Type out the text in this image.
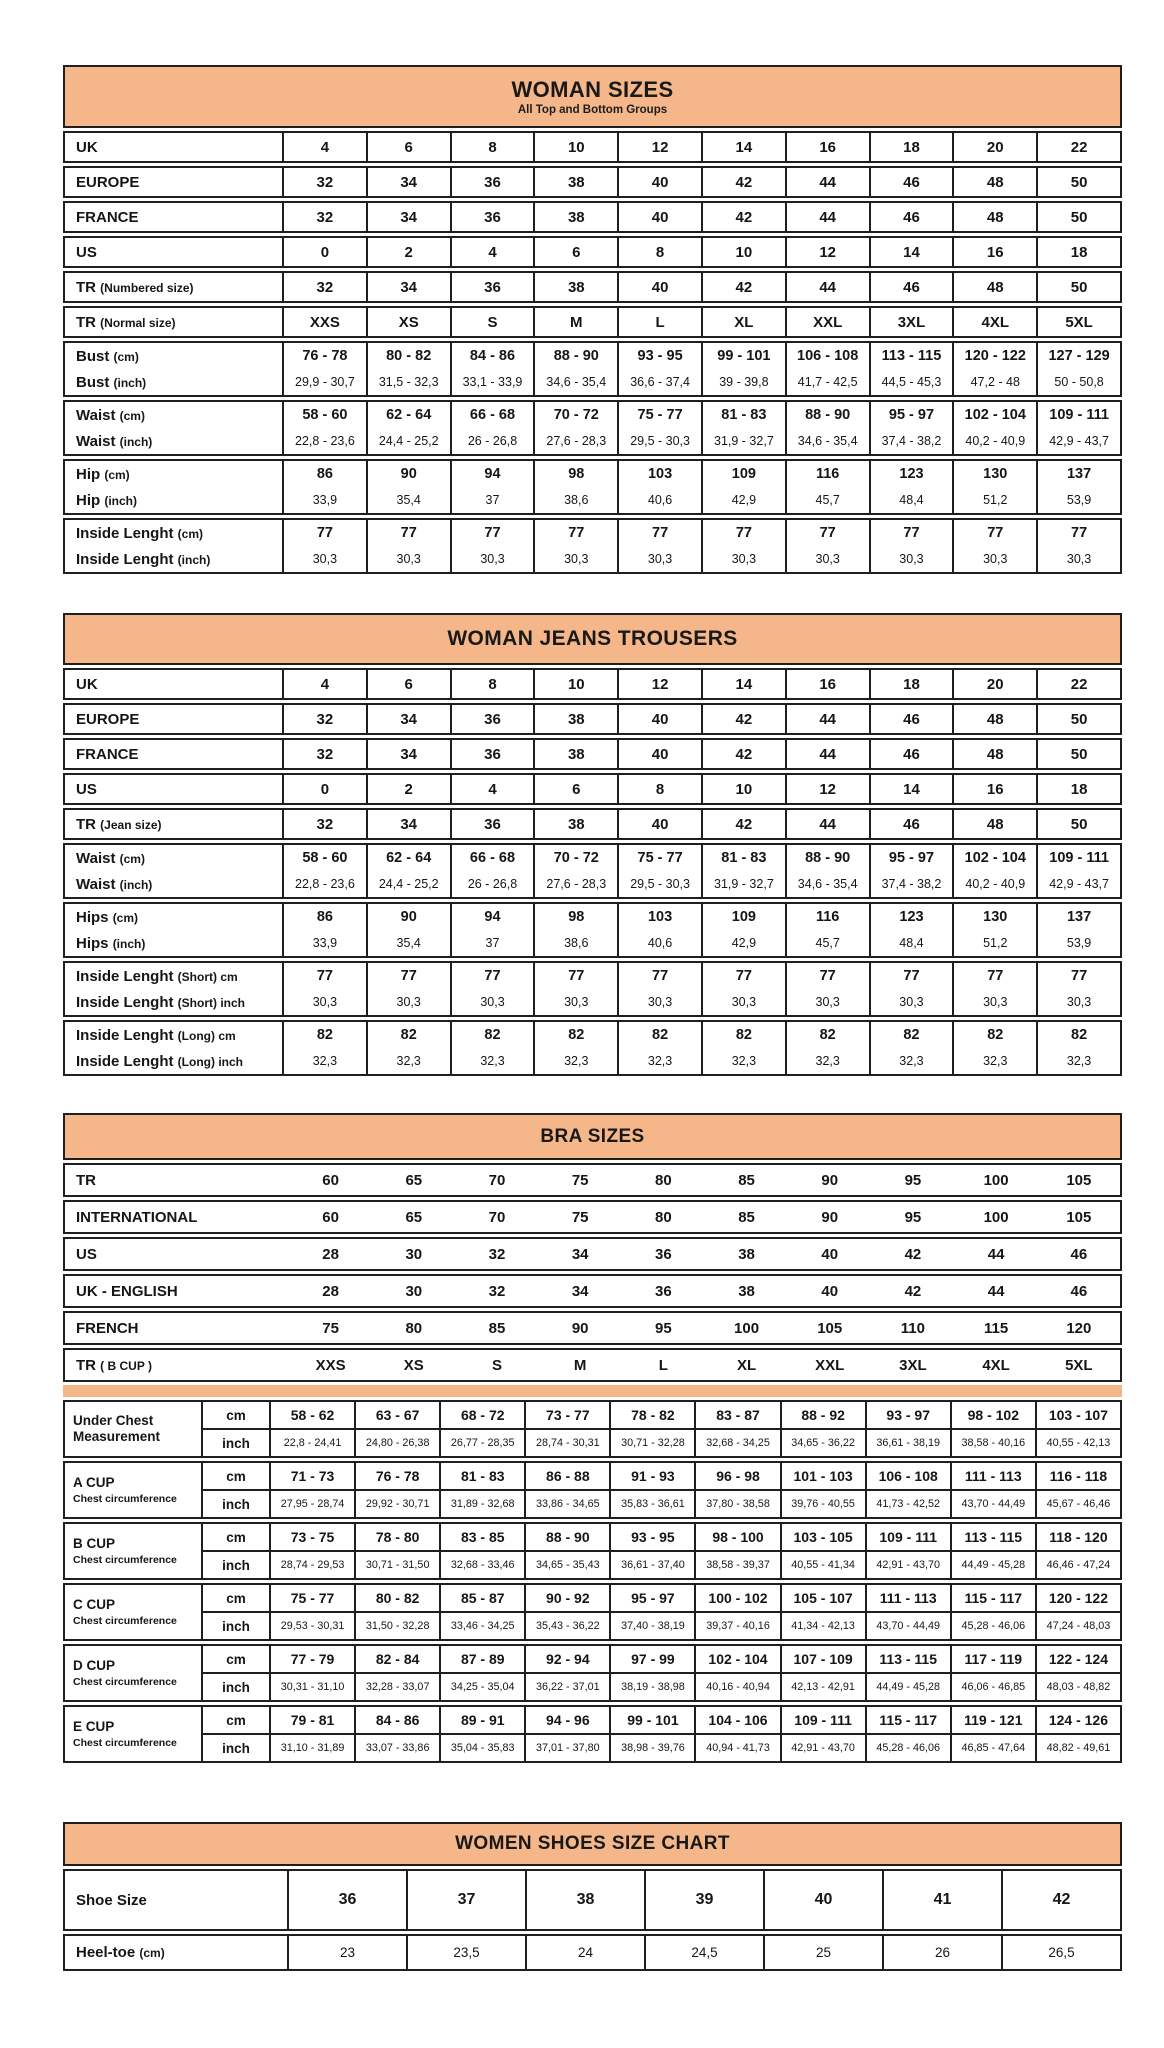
WOMAN SIZES
All Top and Bottom Groups
UK	4	6	8	10	12	14	16	18	20	22
EUROPE	32	34	36	38	40	42	44	46	48	50
FRANCE	32	34	36	38	40	42	44	46	48	50
US	0	2	4	6	8	10	12	14	16	18
TR (Numbered size)	32	34	36	38	40	42	44	46	48	50
TR (Normal size)	XXS	XS	S	M	L	XL	XXL	3XL	4XL	5XL
Bust (cm)	76 - 78	80 - 82	84 - 86	88 - 90	93 - 95	99 - 101	106 - 108	113 - 115	120 - 122	127 - 129
Bust (inch)	29,9 - 30,7	31,5 - 32,3	33,1 - 33,9	34,6 - 35,4	36,6 - 37,4	39 - 39,8	41,7 - 42,5	44,5 - 45,3	47,2 - 48	50 - 50,8
Waist (cm)	58 - 60	62 - 64	66 - 68	70 - 72	75 - 77	81 - 83	88 - 90	95 - 97	102 - 104	109 - 111
Waist (inch)	22,8 - 23,6	24,4 - 25,2	26 - 26,8	27,6 - 28,3	29,5 - 30,3	31,9 - 32,7	34,6 - 35,4	37,4 - 38,2	40,2 - 40,9	42,9 - 43,7
Hip (cm)	86	90	94	98	103	109	116	123	130	137
Hip (inch)	33,9	35,4	37	38,6	40,6	42,9	45,7	48,4	51,2	53,9
Inside Lenght (cm)	77	77	77	77	77	77	77	77	77	77
Inside Lenght (inch)	30,3	30,3	30,3	30,3	30,3	30,3	30,3	30,3	30,3	30,3
WOMAN JEANS TROUSERS
UK	4	6	8	10	12	14	16	18	20	22
EUROPE	32	34	36	38	40	42	44	46	48	50
FRANCE	32	34	36	38	40	42	44	46	48	50
US	0	2	4	6	8	10	12	14	16	18
TR (Jean size)	32	34	36	38	40	42	44	46	48	50
Waist (cm)	58 - 60	62 - 64	66 - 68	70 - 72	75 - 77	81 - 83	88 - 90	95 - 97	102 - 104	109 - 111
Waist (inch)	22,8 - 23,6	24,4 - 25,2	26 - 26,8	27,6 - 28,3	29,5 - 30,3	31,9 - 32,7	34,6 - 35,4	37,4 - 38,2	40,2 - 40,9	42,9 - 43,7
Hips (cm)	86	90	94	98	103	109	116	123	130	137
Hips (inch)	33,9	35,4	37	38,6	40,6	42,9	45,7	48,4	51,2	53,9
Inside Lenght (Short) cm	77	77	77	77	77	77	77	77	77	77
Inside Lenght (Short) inch	30,3	30,3	30,3	30,3	30,3	30,3	30,3	30,3	30,3	30,3
Inside Lenght (Long) cm	82	82	82	82	82	82	82	82	82	82
Inside Lenght (Long) inch	32,3	32,3	32,3	32,3	32,3	32,3	32,3	32,3	32,3	32,3
BRA SIZES
TR	60	65	70	75	80	85	90	95	100	105
INTERNATIONAL	60	65	70	75	80	85	90	95	100	105
US	28	30	32	34	36	38	40	42	44	46
UK - ENGLISH	28	30	32	34	36	38	40	42	44	46
FRENCH	75	80	85	90	95	100	105	110	115	120
TR ( B CUP )	XXS	XS	S	M	L	XL	XXL	3XL	4XL	5XL
Under Chest Measurement	cm	58 - 62	63 - 67	68 - 72	73 - 77	78 - 82	83 - 87	88 - 92	93 - 97	98 - 102	103 - 107
	inch	22,8 - 24,41	24,80 - 26,38	26,77 - 28,35	28,74 - 30,31	30,71 - 32,28	32,68 - 34,25	34,65 - 36,22	36,61 - 38,19	38,58 - 40,16	40,55 - 42,13
A CUP
Chest circumference	cm	71 - 73	76 - 78	81 - 83	86 - 88	91 - 93	96 - 98	101 - 103	106 - 108	111 - 113	116 - 118
	inch	27,95 - 28,74	29,92 - 30,71	31,89 - 32,68	33,86 - 34,65	35,83 - 36,61	37,80 - 38,58	39,76 - 40,55	41,73 - 42,52	43,70 - 44,49	45,67 - 46,46
B CUP
Chest circumference	cm	73 - 75	78 - 80	83 - 85	88 - 90	93 - 95	98 - 100	103 - 105	109 - 111	113 - 115	118 - 120
	inch	28,74 - 29,53	30,71 - 31,50	32,68 - 33,46	34,65 - 35,43	36,61 - 37,40	38,58 - 39,37	40,55 - 41,34	42,91 - 43,70	44,49 - 45,28	46,46 - 47,24
C CUP
Chest circumference	cm	75 - 77	80 - 82	85 - 87	90 - 92	95 - 97	100 - 102	105 - 107	111 - 113	115 - 117	120 - 122
	inch	29,53 - 30,31	31,50 - 32,28	33,46 - 34,25	35,43 - 36,22	37,40 - 38,19	39,37 - 40,16	41,34 - 42,13	43,70 - 44,49	45,28 - 46,06	47,24 - 48,03
D CUP
Chest circumference	cm	77 - 79	82 - 84	87 - 89	92 - 94	97 - 99	102 - 104	107 - 109	113 - 115	117 - 119	122 - 124
	inch	30,31 - 31,10	32,28 - 33,07	34,25 - 35,04	36,22 - 37,01	38,19 - 38,98	40,16 - 40,94	42,13 - 42,91	44,49 - 45,28	46,06 - 46,85	48,03 - 48,82
E CUP
Chest circumference	cm	79 - 81	84 - 86	89 - 91	94 - 96	99 - 101	104 - 106	109 - 111	115 - 117	119 - 121	124 - 126
	inch	31,10 - 31,89	33,07 - 33,86	35,04 - 35,83	37,01 - 37,80	38,98 - 39,76	40,94 - 41,73	42,91 - 43,70	45,28 - 46,06	46,85 - 47,64	48,82 - 49,61
WOMEN SHOES SIZE CHART
Shoe Size	36	37	38	39	40	41	42
Heel-toe (cm)	23	23,5	24	24,5	25	26	26,5
